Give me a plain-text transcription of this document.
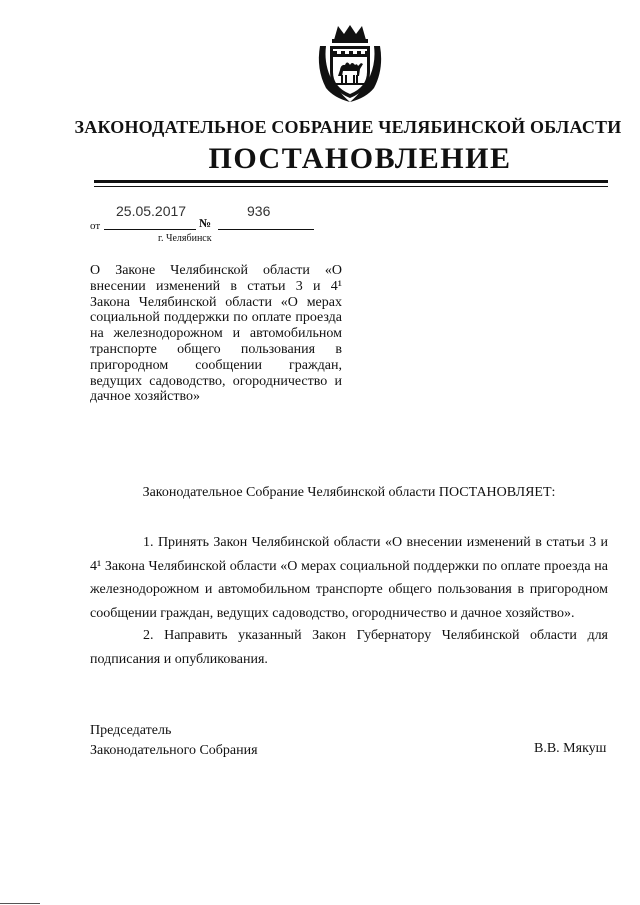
ЗАКОНОДАТЕЛЬНОЕ СОБРАНИЕ ЧЕЛЯБИНСКОЙ ОБЛАСТИ
ПОСТАНОВЛЕНИЕ
25.05.2017	936
от	№
г. Челябинск
О Законе Челябинской области «О внесении изменений в статьи 3 и 4¹ Закона Челябинской области «О мерах социальной поддержки по оплате проезда на железнодорожном и автомобильном транспорте общего пользования в пригородном сообщении граждан, ведущих садоводство, огородничество и дачное хозяйство»
Законодательное Собрание Челябинской области ПОСТАНОВЛЯЕТ:
1. Принять Закон Челябинской области «О внесении изменений в статьи 3 и 4¹ Закона Челябинской области «О мерах социальной поддержки по оплате проезда на железнодорожном и автомобильном транспорте общего пользования в пригородном сообщении граждан, ведущих садоводство, огородничество и дачное хозяйство».
2. Направить указанный Закон Губернатору Челябинской области для подписания и опубликования.
Председатель
Законодательного Собрания	В.В. Мякуш
